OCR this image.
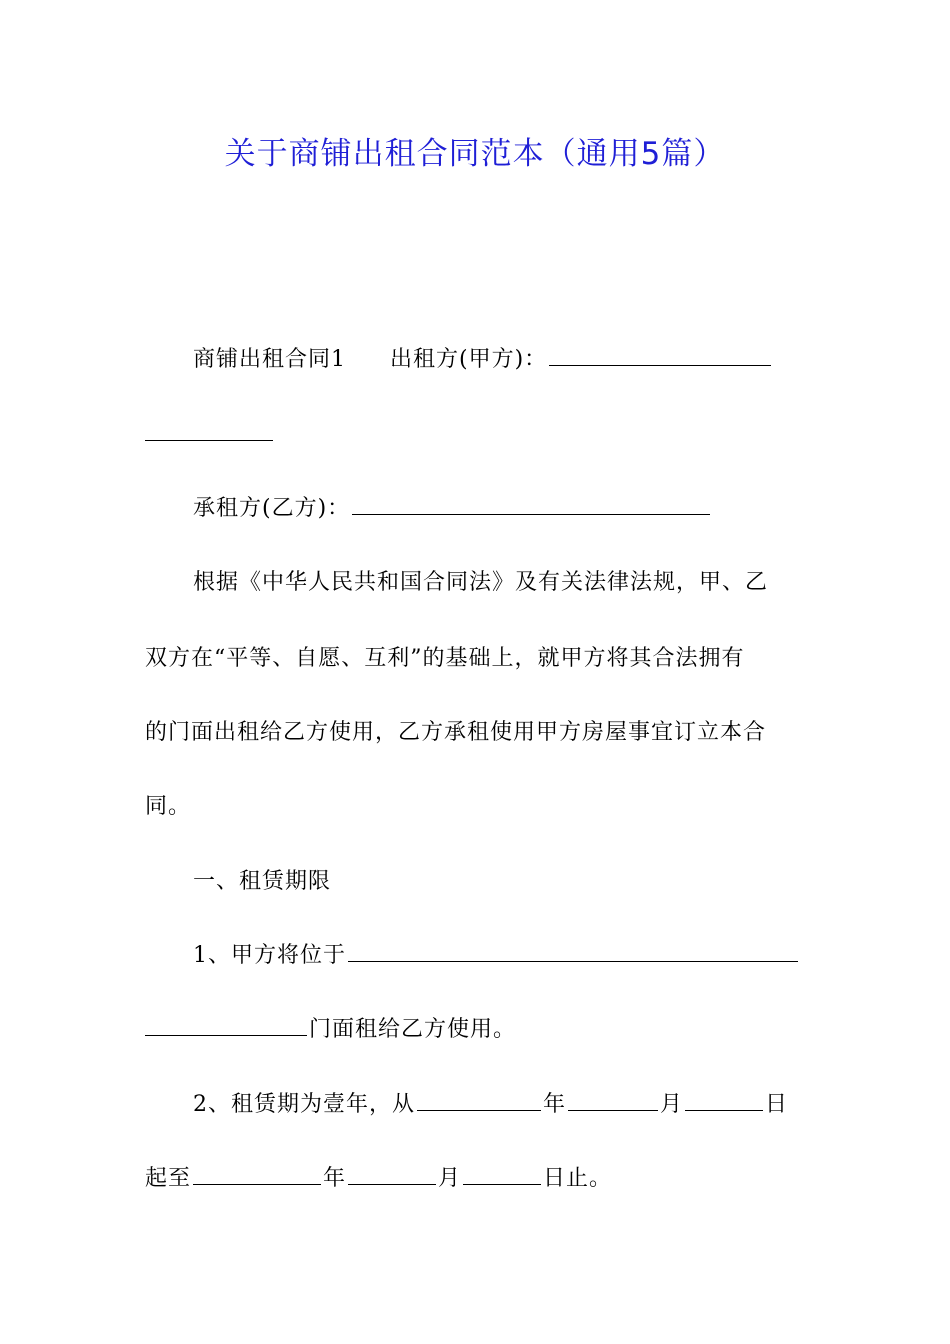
关于商铺出租合同范本（通用5篇）
商铺出租合同1 出租方(甲方)：
承租方(乙方)：
根据《中华人民共和国合同法》及有关法律法规，甲、乙
双方在“平等、自愿、互利”的基础上，就甲方将其合法拥有
的门面出租给乙方使用，乙方承租使用甲方房屋事宜订立本合
同。
一、租赁期限
1、甲方将位于
门面租给乙方使用。
2、租赁期为壹年，从	年	月	日
起至	年	月	日止。
